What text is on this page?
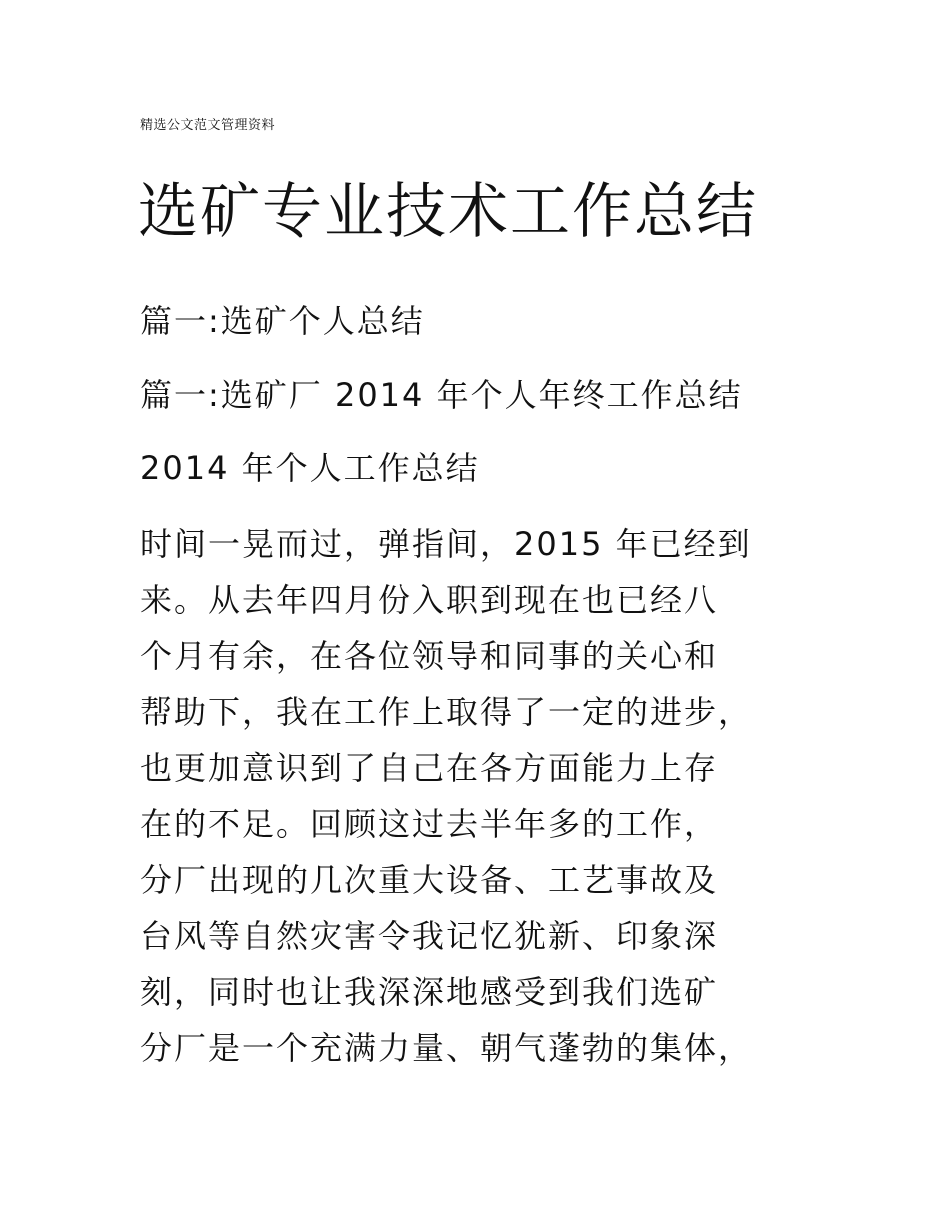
精选公文范文管理资料
选矿专业技术工作总结
篇一:选矿个人总结
篇一:选矿厂 2014 年个人年终工作总结
2014 年个人工作总结
时间一晃而过，弹指间，2015 年已经到
来。从去年四月份入职到现在也已经八
个月有余，在各位领导和同事的关心和
帮助下，我在工作上取得了一定的进步，
也更加意识到了自己在各方面能力上存
在的不足。回顾这过去半年多的工作，
分厂出现的几次重大设备、工艺事故及
台风等自然灾害令我记忆犹新、印象深
刻，同时也让我深深地感受到我们选矿
分厂是一个充满力量、朝气蓬勃的集体，
